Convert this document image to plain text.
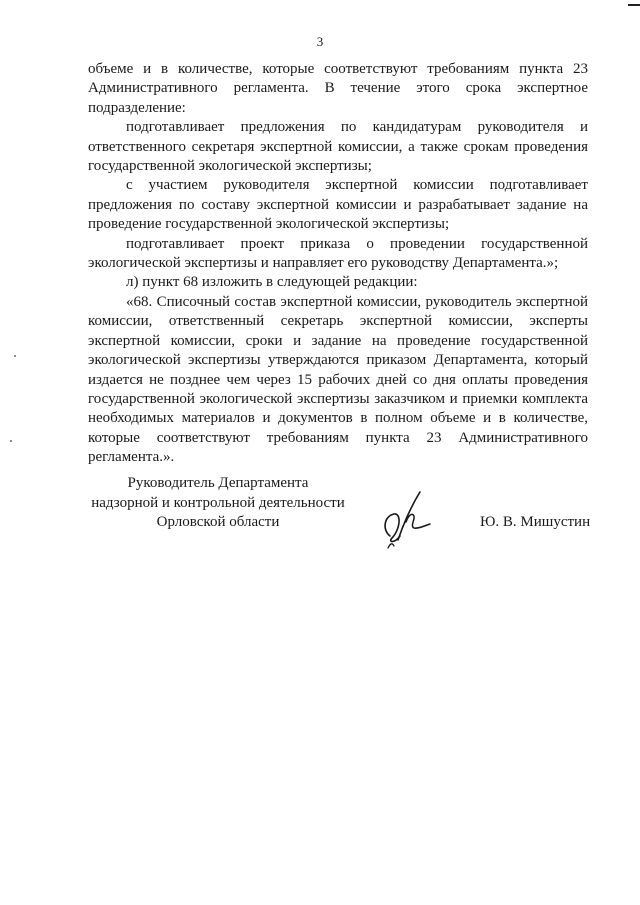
3

объеме и в количестве, которые соответствуют требованиям пункта 23 Административного регламента. В течение этого срока экспертное подразделение:

подготавливает предложения по кандидатурам руководителя и ответственного секретаря экспертной комиссии, а также срокам проведения государственной экологической экспертизы;

с участием руководителя экспертной комиссии подготавливает предложения по составу экспертной комиссии и разрабатывает задание на проведение государственной экологической экспертизы;

подготавливает проект приказа о проведении государственной экологической экспертизы и направляет его руководству Департамента.»;

л) пункт 68 изложить в следующей редакции:

«68. Списочный состав экспертной комиссии, руководитель экспертной комиссии, ответственный секретарь экспертной комиссии, эксперты экспертной комиссии, сроки и задание на проведение государственной экологической экспертизы утверждаются приказом Департамента, который издается не позднее чем через 15 рабочих дней со дня оплаты проведения государственной экологической экспертизы заказчиком и приемки комплекта необходимых материалов и документов в полном объеме и в количестве, которые соответствуют требованиям пункта 23 Административного регламента.».

Руководитель Департамента
надзорной и контрольной деятельности
Орловской области	Ю. В. Мишустин
